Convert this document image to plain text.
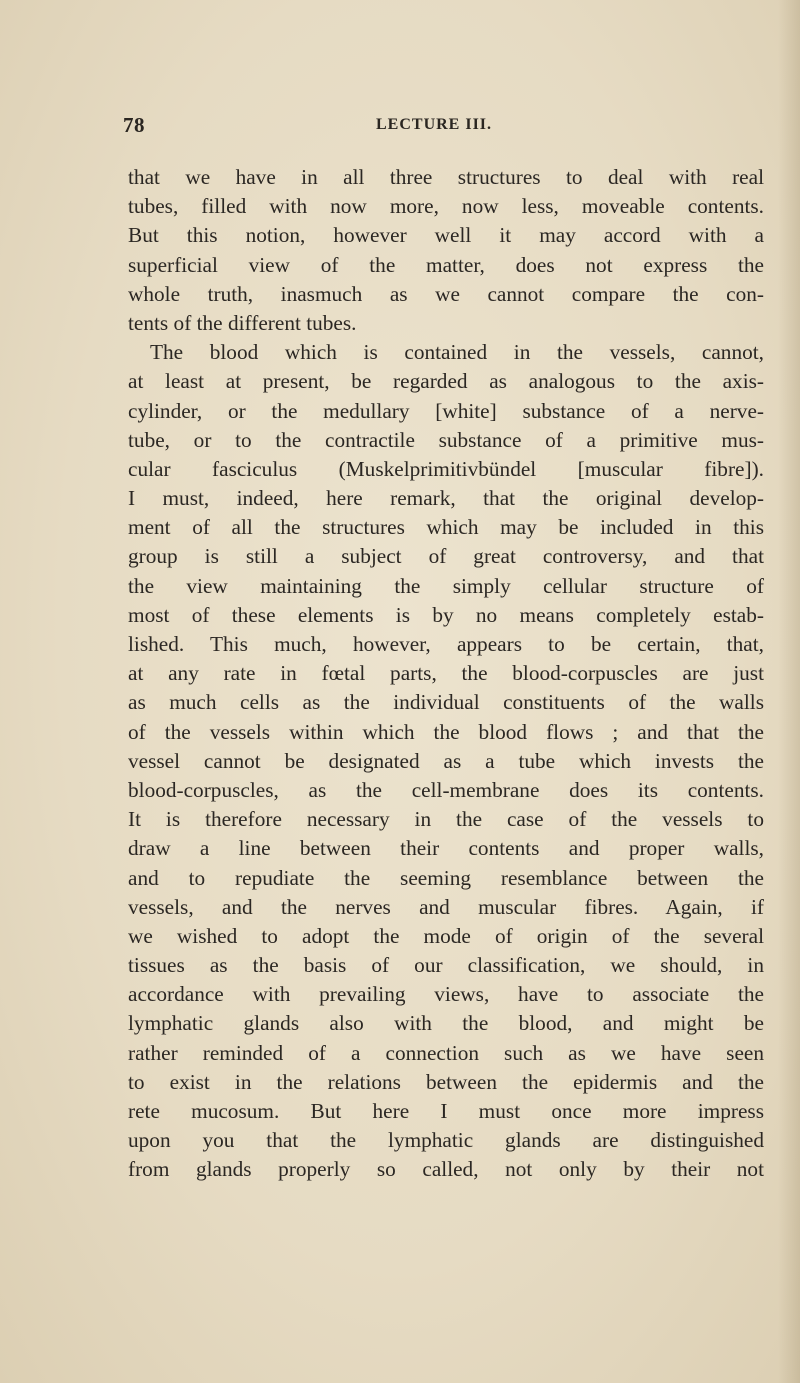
78	LECTURE III.
that we have in all three structures to deal with real
tubes, filled with now more, now less, moveable contents.
But this notion, however well it may accord with a
superficial view of the matter, does not express the
whole truth, inasmuch as we cannot compare the con-
tents of the different tubes.
The blood which is contained in the vessels, cannot,
at least at present, be regarded as analogous to the axis-
cylinder, or the medullary [white] substance of a nerve-
tube, or to the contractile substance of a primitive mus-
cular fasciculus (Muskelprimitivbündel [muscular fibre]).
I must, indeed, here remark, that the original develop-
ment of all the structures which may be included in this
group is still a subject of great controversy, and that
the view maintaining the simply cellular structure of
most of these elements is by no means completely estab-
lished. This much, however, appears to be certain, that,
at any rate in fœtal parts, the blood-corpuscles are just
as much cells as the individual constituents of the walls
of the vessels within which the blood flows ; and that the
vessel cannot be designated as a tube which invests the
blood-corpuscles, as the cell-membrane does its contents.
It is therefore necessary in the case of the vessels to
draw a line between their contents and proper walls,
and to repudiate the seeming resemblance between the
vessels, and the nerves and muscular fibres. Again, if
we wished to adopt the mode of origin of the several
tissues as the basis of our classification, we should, in
accordance with prevailing views, have to associate the
lymphatic glands also with the blood, and might be
rather reminded of a connection such as we have seen
to exist in the relations between the epidermis and the
rete mucosum. But here I must once more impress
upon you that the lymphatic glands are distinguished
from glands properly so called, not only by their not
